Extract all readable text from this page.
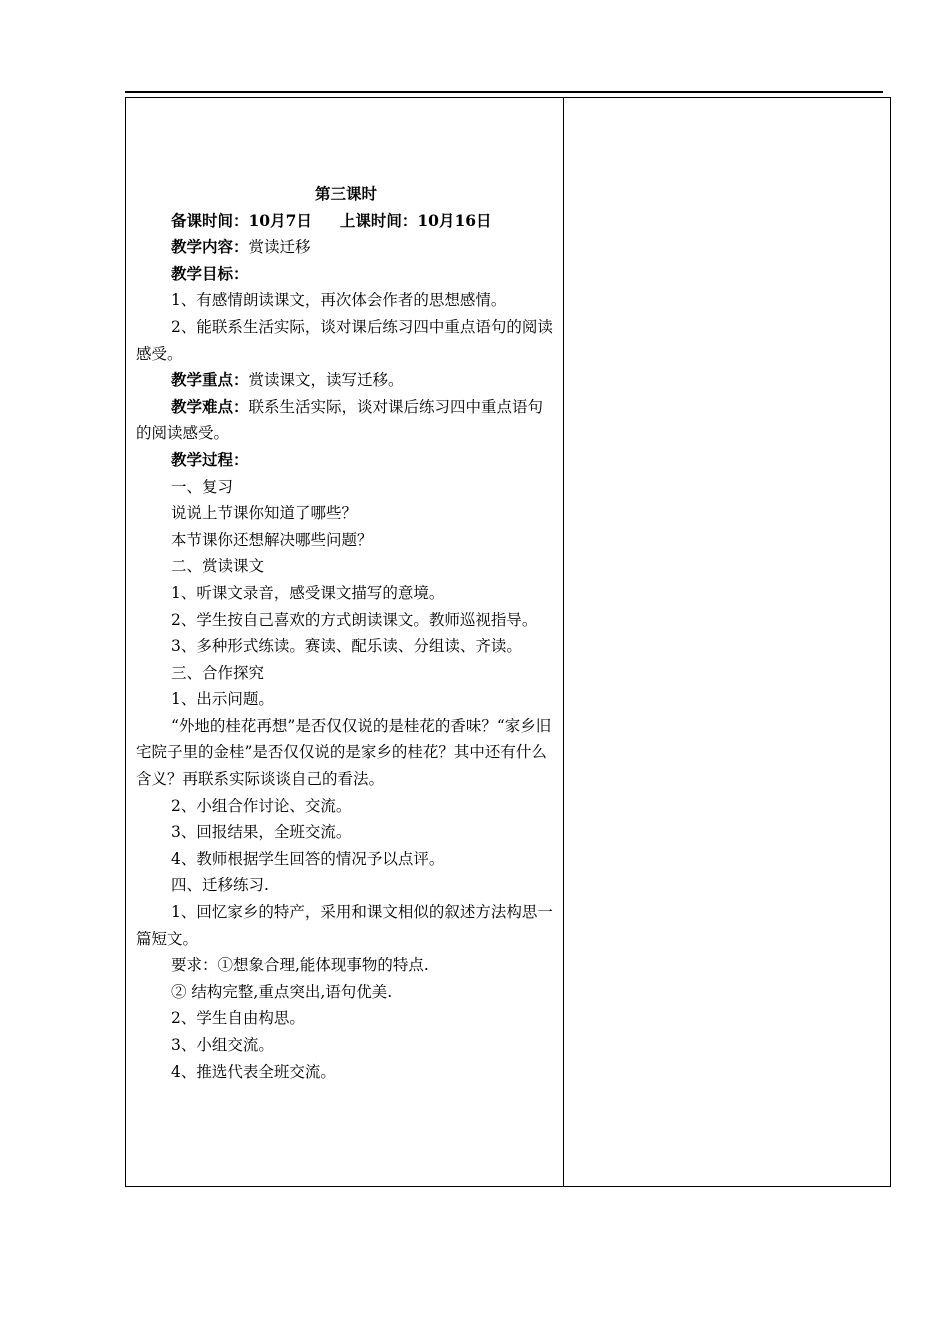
第三课时

备课时间：10月7日 上课时间：10月16日

教学内容：赏读迁移

教学目标：

1、有感情朗读课文，再次体会作者的思想感情。

2、能联系生活实际，谈对课后练习四中重点语句的阅读感受。

教学重点：赏读课文，读写迁移。

教学难点：联系生活实际，谈对课后练习四中重点语句的阅读感受。

教学过程：

一、复习

说说上节课你知道了哪些？

本节课你还想解决哪些问题？

二、赏读课文

1、听课文录音，感受课文描写的意境。

2、学生按自己喜欢的方式朗读课文。教师巡视指导。

3、多种形式练读。赛读、配乐读、分组读、齐读。

三、合作探究

1、出示问题。

“外地的桂花再想”是否仅仅说的是桂花的香味？“家乡旧宅院子里的金桂”是否仅仅说的是家乡的桂花？其中还有什么含义？再联系实际谈谈自己的看法。

2、小组合作讨论、交流。

3、回报结果，全班交流。

4、教师根据学生回答的情况予以点评。

四、迁移练习.

1、回忆家乡的特产，采用和课文相似的叙述方法构思一篇短文。

要求：①想象合理,能体现事物的特点.

② 结构完整,重点突出,语句优美.

2、学生自由构思。

3、小组交流。

4、推选代表全班交流。
